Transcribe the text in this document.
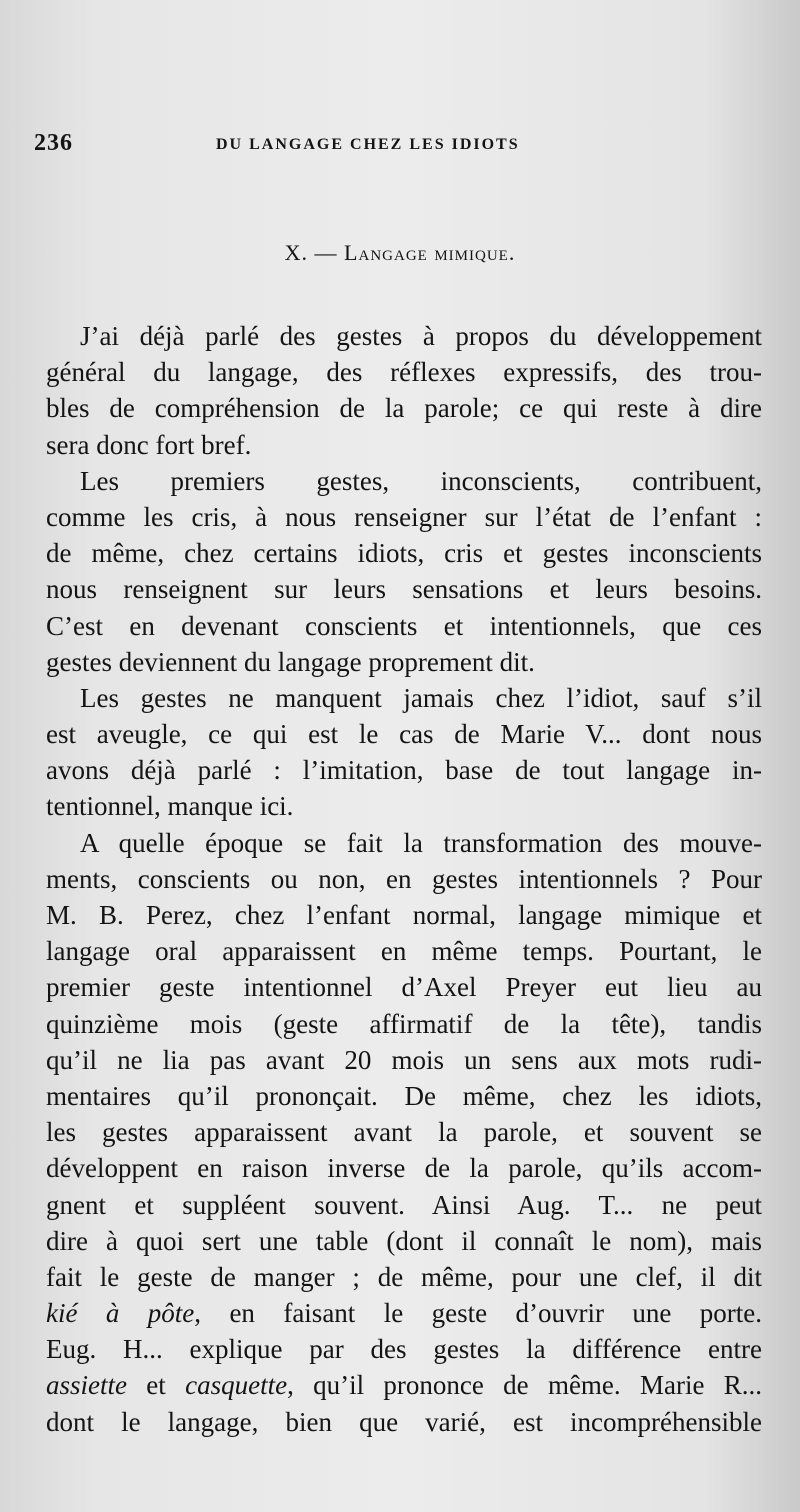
236	DU LANGAGE CHEZ LES IDIOTS
X. — Langage mimique.
J’ai déjà parlé des gestes à propos du développement
général du langage, des réflexes expressifs, des trou-
bles de compréhension de la parole; ce qui reste à dire
sera donc fort bref.
Les premiers gestes, inconscients, contribuent,
comme les cris, à nous renseigner sur l’état de l’enfant :
de même, chez certains idiots, cris et gestes inconscients
nous renseignent sur leurs sensations et leurs besoins.
C’est en devenant conscients et intentionnels, que ces
gestes deviennent du langage proprement dit.
Les gestes ne manquent jamais chez l’idiot, sauf s’il
est aveugle, ce qui est le cas de Marie V... dont nous
avons déjà parlé : l’imitation, base de tout langage in-
tentionnel, manque ici.
A quelle époque se fait la transformation des mouve-
ments, conscients ou non, en gestes intentionnels ? Pour
M. B. Perez, chez l’enfant normal, langage mimique et
langage oral apparaissent en même temps. Pourtant, le
premier geste intentionnel d’Axel Preyer eut lieu au
quinzième mois (geste affirmatif de la tête), tandis
qu’il ne lia pas avant 20 mois un sens aux mots rudi-
mentaires qu’il prononçait. De même, chez les idiots,
les gestes apparaissent avant la parole, et souvent se
développent en raison inverse de la parole, qu’ils accom-
gnent et suppléent souvent. Ainsi Aug. T... ne peut
dire à quoi sert une table (dont il connaît le nom), mais
fait le geste de manger ; de même, pour une clef, il dit
kié à pôte, en faisant le geste d’ouvrir une porte.
Eug. H... explique par des gestes la différence entre
assiette et casquette, qu’il prononce de même. Marie R...
dont le langage, bien que varié, est incompréhensible
